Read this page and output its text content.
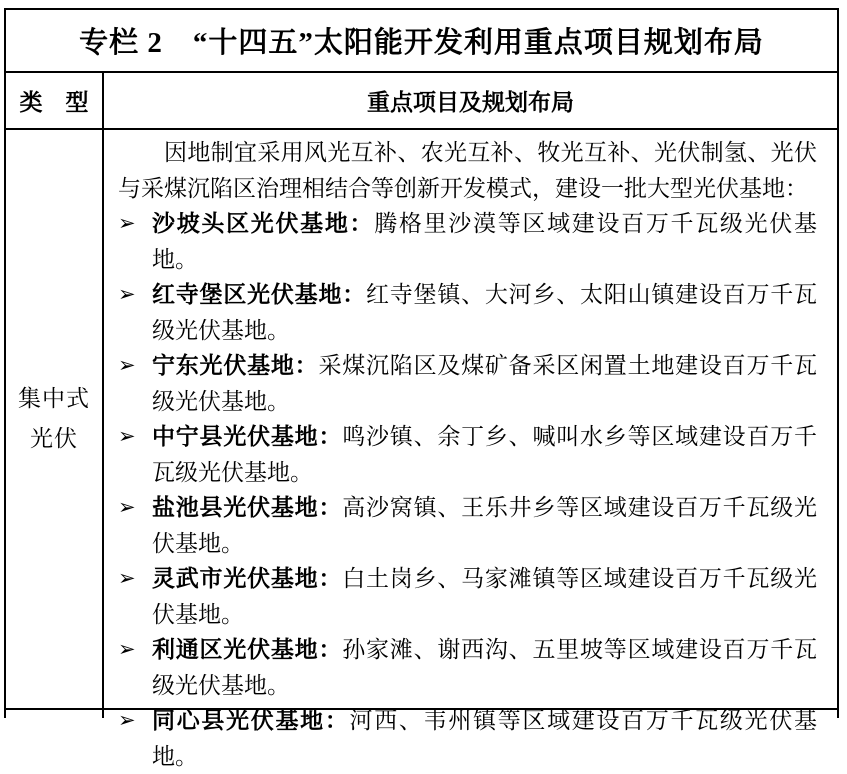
专栏 2　“十四五”太阳能开发利用重点项目规划布局
类　型	重点项目及规划布局
集中式
光伏

因地制宜采用风光互补、农光互补、牧光互补、光伏制氢、光伏与采煤沉陷区治理相结合等创新开发模式，建设一批大型光伏基地：

➢ 沙坡头区光伏基地：腾格里沙漠等区域建设百万千瓦级光伏基地。
➢ 红寺堡区光伏基地：红寺堡镇、大河乡、太阳山镇建设百万千瓦级光伏基地。
➢ 宁东光伏基地：采煤沉陷区及煤矿备采区闲置土地建设百万千瓦级光伏基地。
➢ 中宁县光伏基地：鸣沙镇、余丁乡、喊叫水乡等区域建设百万千瓦级光伏基地。
➢ 盐池县光伏基地：高沙窝镇、王乐井乡等区域建设百万千瓦级光伏基地。
➢ 灵武市光伏基地：白土岗乡、马家滩镇等区域建设百万千瓦级光伏基地。
➢ 利通区光伏基地：孙家滩、谢西沟、五里坡等区域建设百万千瓦级光伏基地。
➢ 同心县光伏基地：河西、韦州镇等区域建设百万千瓦级光伏基地。
